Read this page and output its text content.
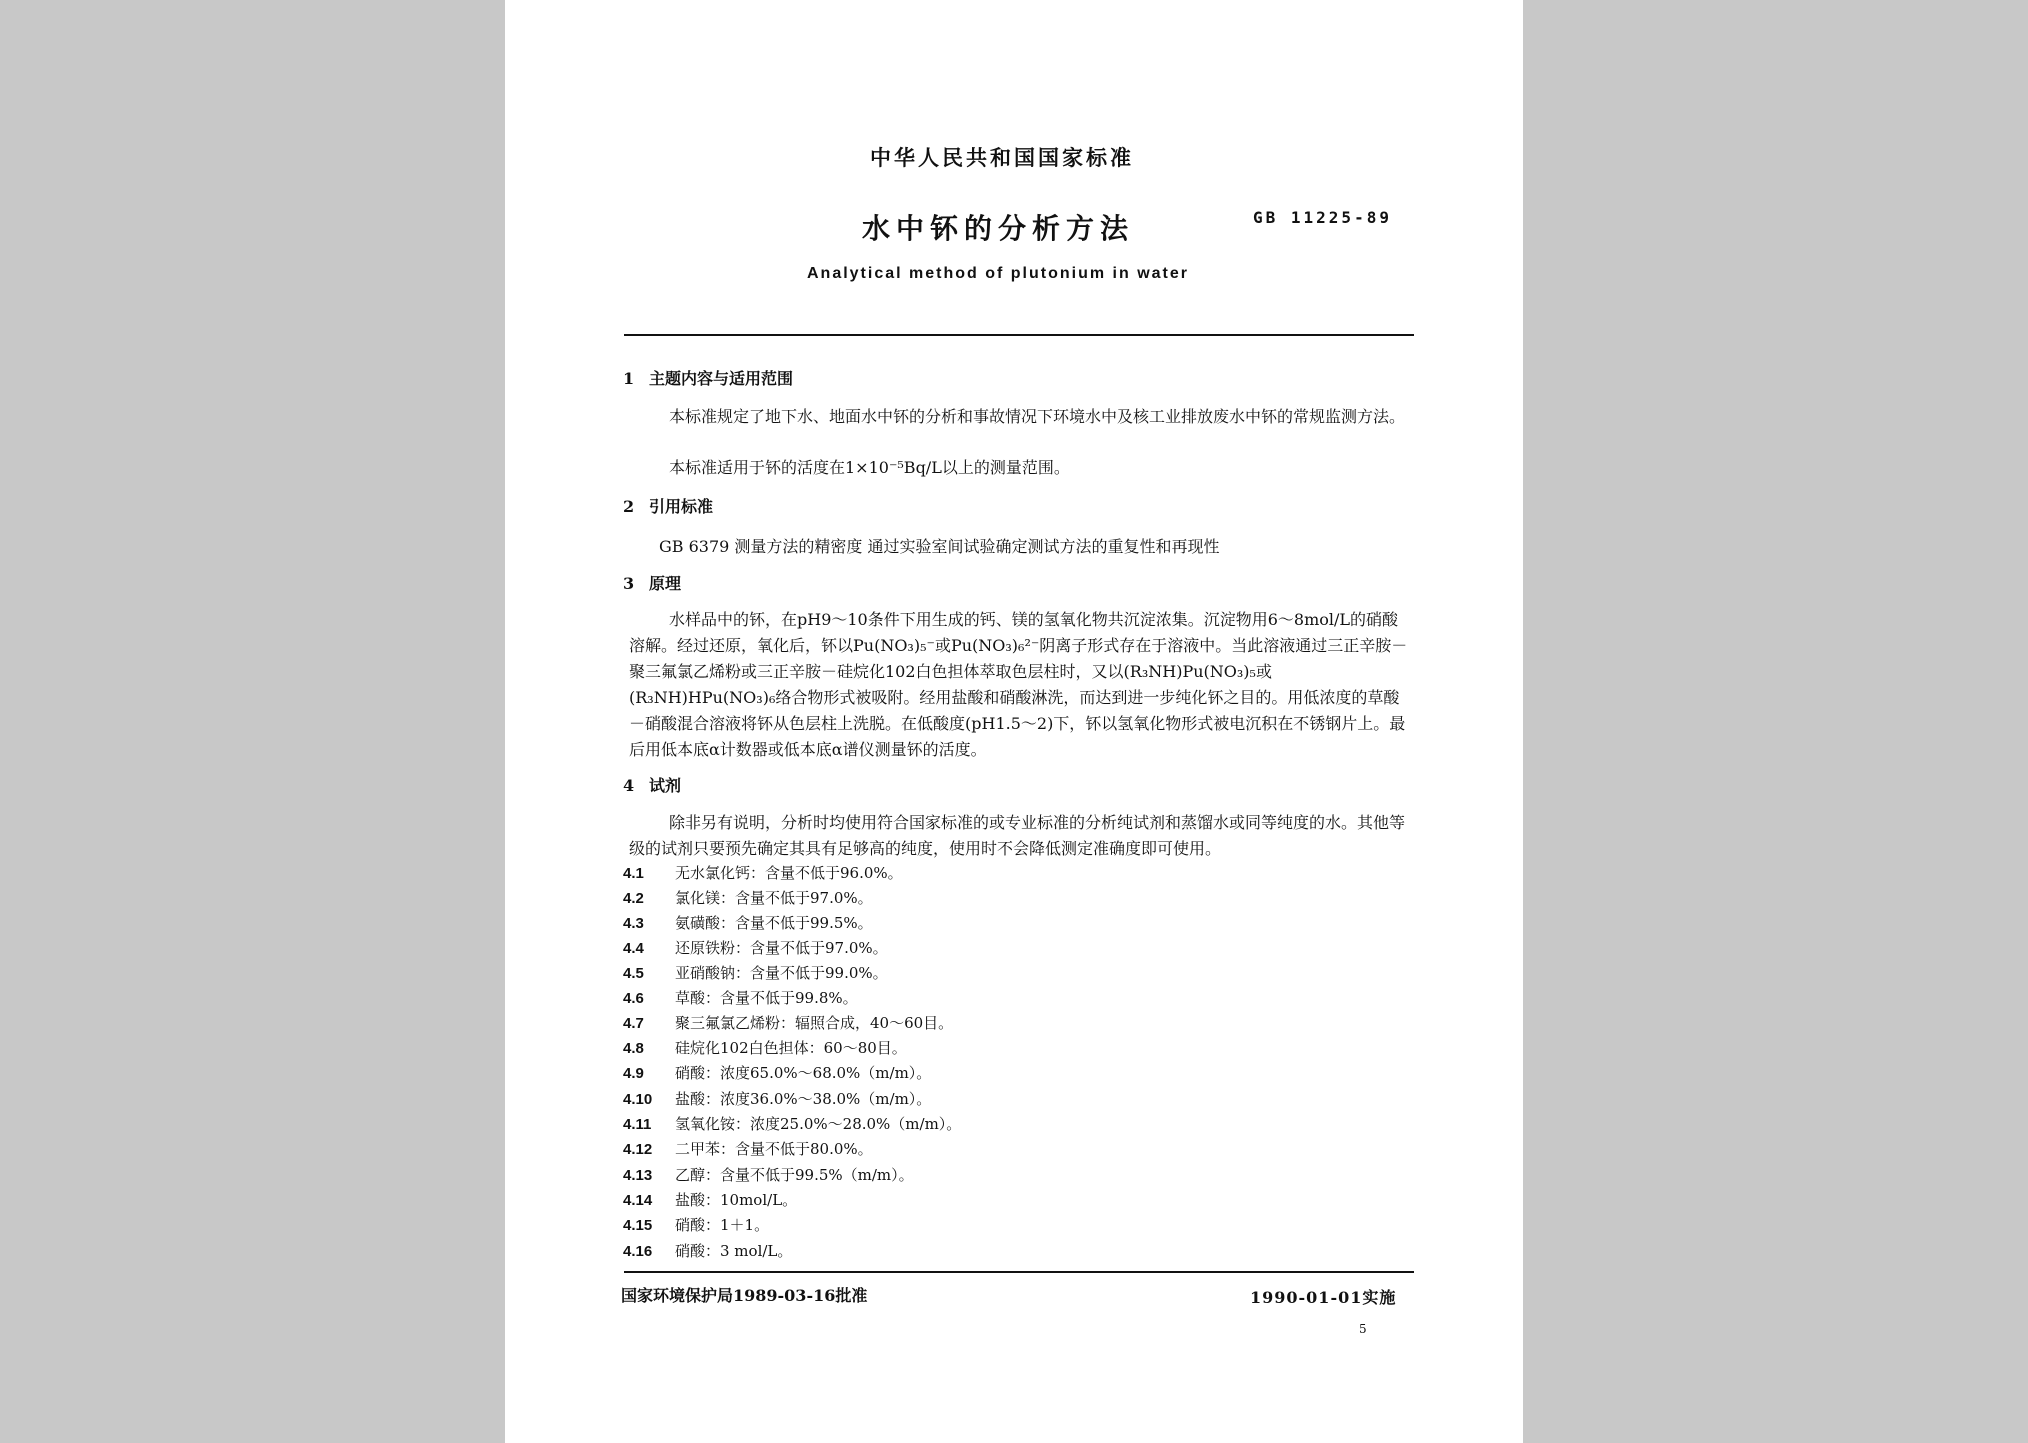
中华人民共和国国家标准
水中钚的分析方法	GB 11225-89
Analytical method of plutonium in water
1 主题内容与适用范围
本标准规定了地下水、地面水中钚的分析和事故情况下环境水中及核工业排放废水中钚的常规监测方法。
本标准适用于钚的活度在1×10⁻⁵Bq/L以上的测量范围。
2 引用标准
GB 6379 测量方法的精密度 通过实验室间试验确定测试方法的重复性和再现性
3 原理
水样品中的钚，在pH9～10条件下用生成的钙、镁的氢氧化物共沉淀浓集。沉淀物用6～8mol/L的硝酸溶解。经过还原，氧化后，钚以Pu(NO₃)₅⁻或Pu(NO₃)₆²⁻阴离子形式存在于溶液中。当此溶液通过三正辛胺－聚三氟氯乙烯粉或三正辛胺－硅烷化102白色担体萃取色层柱时，又以(R₃NH)Pu(NO₃)₅或(R₃NH)HPu(NO₃)₆络合物形式被吸附。经用盐酸和硝酸淋洗，而达到进一步纯化钚之目的。用低浓度的草酸－硝酸混合溶液将钚从色层柱上洗脱。在低酸度(pH1.5～2)下，钚以氢氧化物形式被电沉积在不锈钢片上。最后用低本底α计数器或低本底α谱仪测量钚的活度。
4 试剂
除非另有说明，分析时均使用符合国家标准的或专业标准的分析纯试剂和蒸馏水或同等纯度的水。其他等级的试剂只要预先确定其具有足够高的纯度，使用时不会降低测定准确度即可使用。
4.1 无水氯化钙：含量不低于96.0%。
4.2 氯化镁：含量不低于97.0%。
4.3 氨磺酸：含量不低于99.5%。
4.4 还原铁粉：含量不低于97.0%。
4.5 亚硝酸钠：含量不低于99.0%。
4.6 草酸：含量不低于99.8%。
4.7 聚三氟氯乙烯粉：辐照合成，40～60目。
4.8 硅烷化102白色担体：60～80目。
4.9 硝酸：浓度65.0%～68.0%（m/m）。
4.10 盐酸：浓度36.0%～38.0%（m/m）。
4.11 氢氧化铵：浓度25.0%～28.0%（m/m）。
4.12 二甲苯：含量不低于80.0%。
4.13 乙醇：含量不低于99.5%（m/m）。
4.14 盐酸：10mol/L。
4.15 硝酸：1＋1。
4.16 硝酸：3 mol/L。
国家环境保护局1989-03-16批准	1990-01-01实施
5
